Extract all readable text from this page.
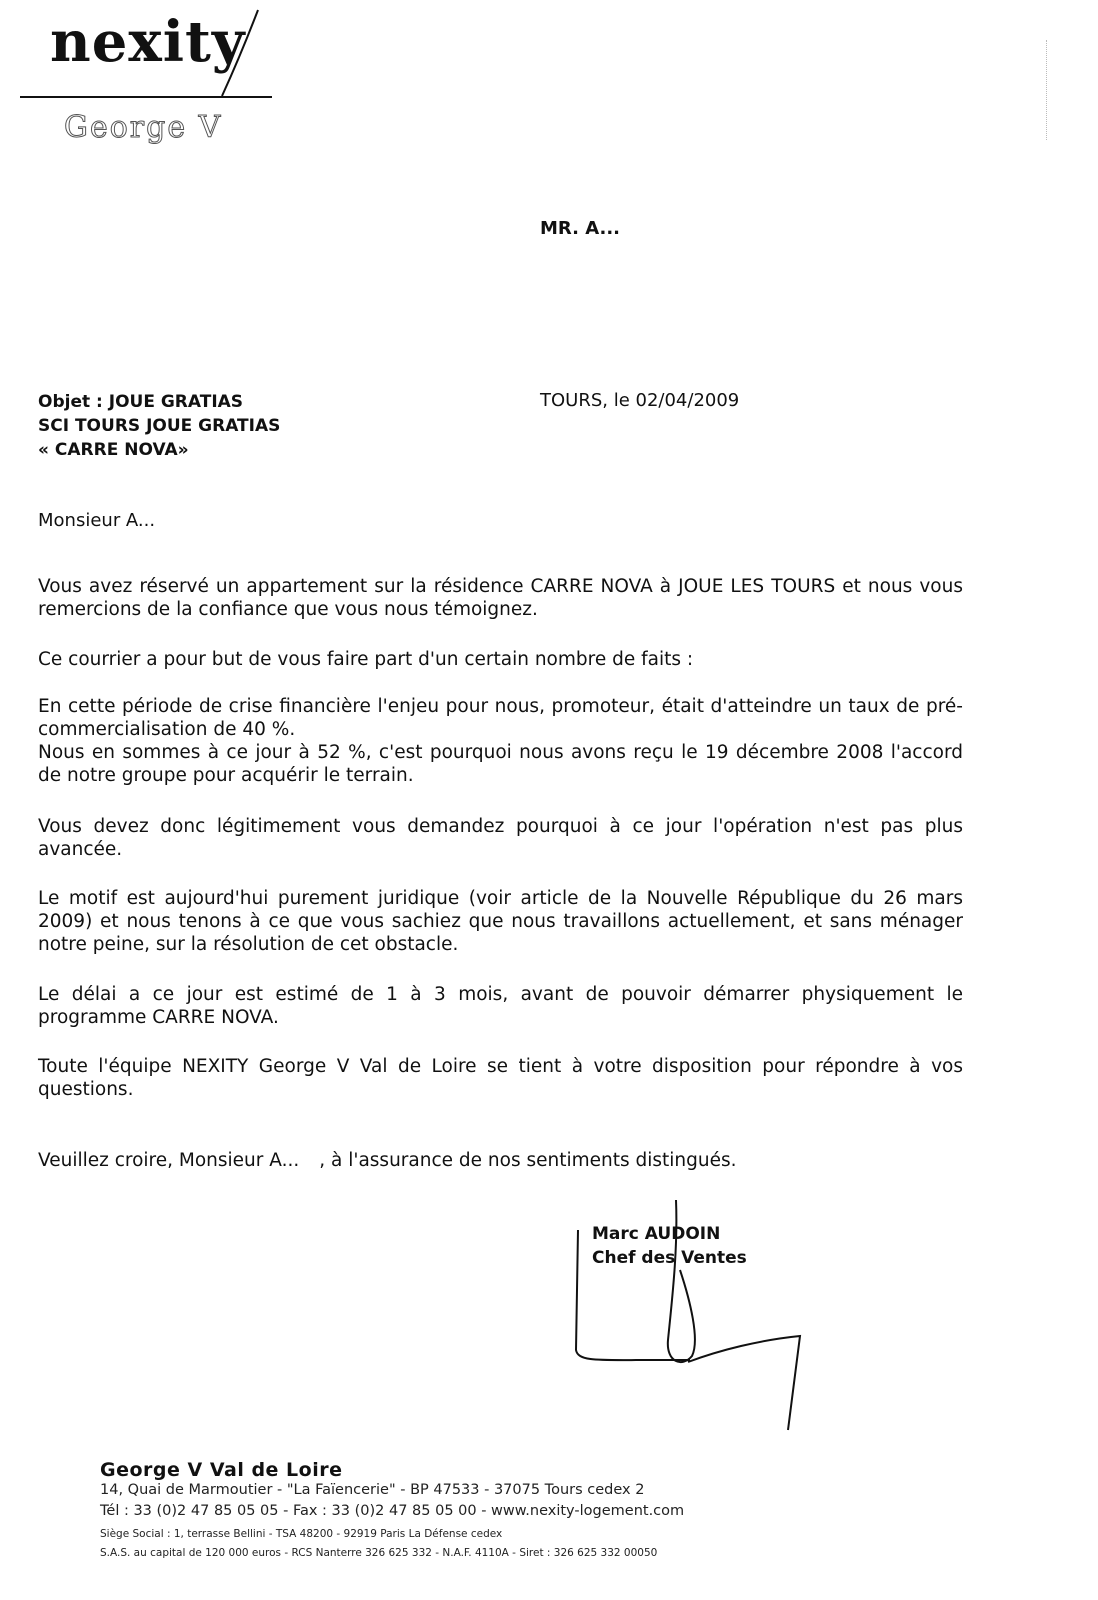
nexity
George V
MR. A...
Objet : JOUE GRATIAS
SCI TOURS JOUE GRATIAS
« CARRE NOVA»
TOURS, le 02/04/2009
Monsieur A...
Vous avez réservé un appartement sur la résidence CARRE NOVA à JOUE LES TOURS et nous vous remercions de la confiance que vous nous témoignez.
Ce courrier a pour but de vous faire part d'un certain nombre de faits :
En cette période de crise financière l'enjeu pour nous, promoteur, était d'atteindre un taux de pré-commercialisation de 40 %.
Nous en sommes à ce jour à 52 %, c'est pourquoi nous avons reçu le 19 décembre 2008 l'accord de notre groupe pour acquérir le terrain.
Vous devez donc légitimement vous demandez pourquoi à ce jour l'opération n'est pas plus avancée.
Le motif est aujourd'hui purement juridique (voir article de la Nouvelle République du 26 mars 2009) et nous tenons à ce que vous sachiez que nous travaillons actuellement, et sans ménager notre peine, sur la résolution de cet obstacle.
Le délai a ce jour est estimé de 1 à 3 mois, avant de pouvoir démarrer physiquement le programme CARRE NOVA.
Toute l'équipe NEXITY George V Val de Loire se tient à votre disposition pour répondre à vos questions.
Veuillez croire, Monsieur A... , à l'assurance de nos sentiments distingués.
Marc AUDOIN
Chef des Ventes
George V Val de Loire
14, Quai de Marmoutier - "La Faïencerie" - BP 47533 - 37075 Tours cedex 2
Tél : 33 (0)2 47 85 05 05 - Fax : 33 (0)2 47 85 05 00 - www.nexity-logement.com
Siège Social : 1, terrasse Bellini - TSA 48200 - 92919 Paris La Défense cedex
S.A.S. au capital de 120 000 euros - RCS Nanterre 326 625 332 - N.A.F. 4110A - Siret : 326 625 332 00050
